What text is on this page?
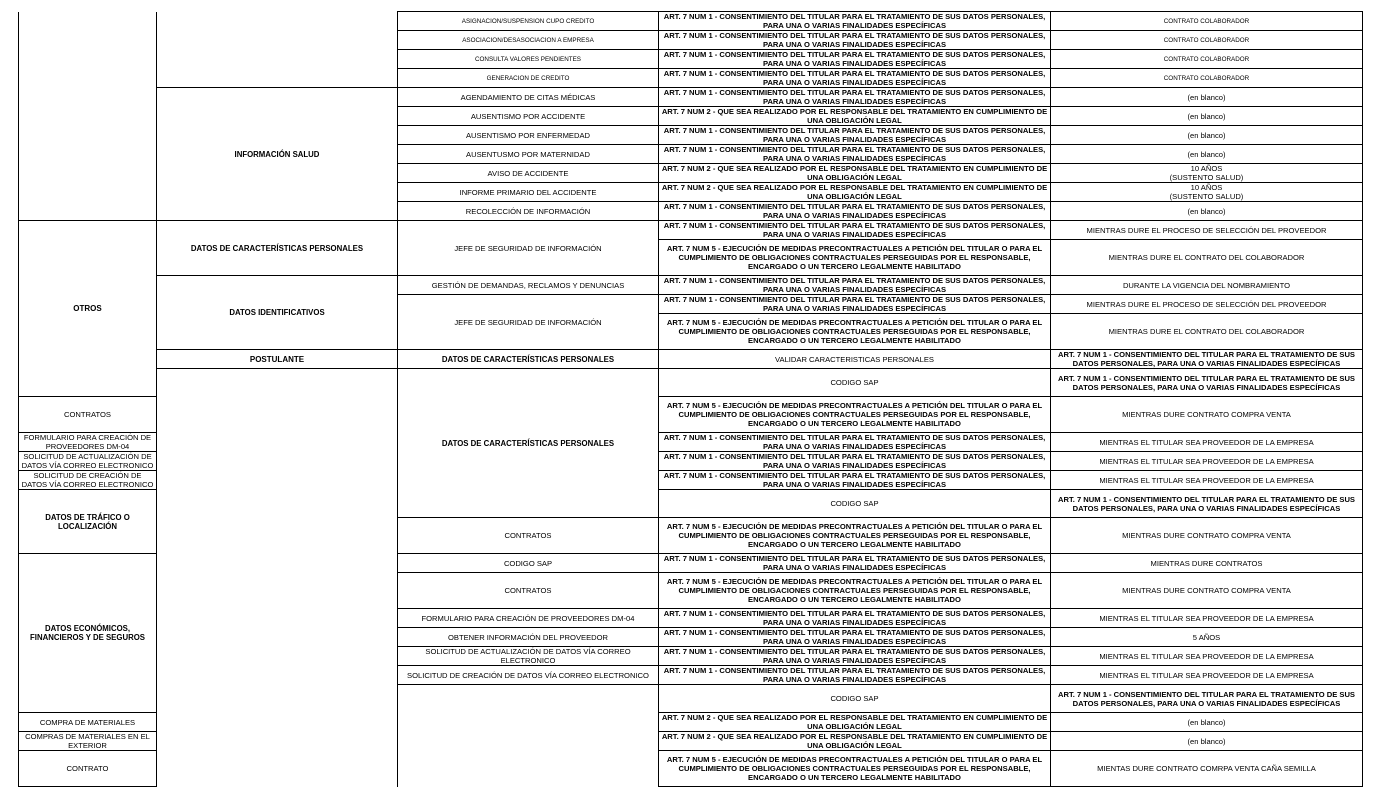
		ASIGNACION/SUSPENSION CUPO CREDITO	ART. 7 NUM 1 - CONSENTIMIENTO DEL TITULAR PARA EL TRATAMIENTO DE SUS DATOS PERSONALES, PARA UNA O VARIAS FINALIDADES ESPECÍFICAS	CONTRATO COLABORADOR	
		ASOCIACION/DESASOCIACION A EMPRESA	ART. 7 NUM 1 - CONSENTIMIENTO DEL TITULAR PARA EL TRATAMIENTO DE SUS DATOS PERSONALES, PARA UNA O VARIAS FINALIDADES ESPECÍFICAS	CONTRATO COLABORADOR	
		CONSULTA VALORES PENDIENTES	ART. 7 NUM 1 - CONSENTIMIENTO DEL TITULAR PARA EL TRATAMIENTO DE SUS DATOS PERSONALES, PARA UNA O VARIAS FINALIDADES ESPECÍFICAS	CONTRATO COLABORADOR	
		GENERACION DE CREDITO	ART. 7 NUM 1 - CONSENTIMIENTO DEL TITULAR PARA EL TRATAMIENTO DE SUS DATOS PERSONALES, PARA UNA O VARIAS FINALIDADES ESPECÍFICAS	CONTRATO COLABORADOR	
	INFORMACIÓN SALUD	AGENDAMIENTO DE CITAS MÉDICAS	ART. 7 NUM 1 - CONSENTIMIENTO DEL TITULAR PARA EL TRATAMIENTO DE SUS DATOS PERSONALES, PARA UNA O VARIAS FINALIDADES ESPECÍFICAS	(en blanco)	
		AUSENTISMO POR ACCIDENTE	ART. 7 NUM 2 - QUE SEA REALIZADO POR EL RESPONSABLE DEL TRATAMIENTO EN CUMPLIMIENTO DE UNA OBLIGACIÓN LEGAL	(en blanco)	
		AUSENTISMO POR ENFERMEDAD	ART. 7 NUM 1 - CONSENTIMIENTO DEL TITULAR PARA EL TRATAMIENTO DE SUS DATOS PERSONALES, PARA UNA O VARIAS FINALIDADES ESPECÍFICAS	(en blanco)	
		AUSENTUSMO POR MATERNIDAD	ART. 7 NUM 1 - CONSENTIMIENTO DEL TITULAR PARA EL TRATAMIENTO DE SUS DATOS PERSONALES, PARA UNA O VARIAS FINALIDADES ESPECÍFICAS	(en blanco)	
		AVISO DE ACCIDENTE	ART. 7 NUM 2 - QUE SEA REALIZADO POR EL RESPONSABLE DEL TRATAMIENTO EN CUMPLIMIENTO DE UNA OBLIGACIÓN LEGAL	10 AÑOS
(SUSTENTO SALUD)	
		INFORME PRIMARIO DEL ACCIDENTE	ART. 7 NUM 2 - QUE SEA REALIZADO POR EL RESPONSABLE DEL TRATAMIENTO EN CUMPLIMIENTO DE UNA OBLIGACIÓN LEGAL	10 AÑOS
(SUSTENTO SALUD)	
		RECOLECCIÓN DE INFORMACIÓN	ART. 7 NUM 1 - CONSENTIMIENTO DEL TITULAR PARA EL TRATAMIENTO DE SUS DATOS PERSONALES, PARA UNA O VARIAS FINALIDADES ESPECÍFICAS	(en blanco)	
OTROS	DATOS DE CARACTERÍSTICAS PERSONALES	JEFE DE SEGURIDAD DE INFORMACIÓN	ART. 7 NUM 1 - CONSENTIMIENTO DEL TITULAR PARA EL TRATAMIENTO DE SUS DATOS PERSONALES, PARA UNA O VARIAS FINALIDADES ESPECÍFICAS	MIENTRAS DURE EL PROCESO DE SELECCIÓN DEL PROVEEDOR	
			ART. 7 NUM 5 - EJECUCIÓN DE MEDIDAS PRECONTRACTUALES A PETICIÓN DEL TITULAR O PARA EL CUMPLIMIENTO DE OBLIGACIONES CONTRACTUALES PERSEGUIDAS POR EL RESPONSABLE, ENCARGADO O UN TERCERO LEGALMENTE HABILITADO	MIENTRAS DURE EL CONTRATO DEL COLABORADOR	
	DATOS IDENTIFICATIVOS	GESTIÓN DE DEMANDAS, RECLAMOS Y DENUNCIAS	ART. 7 NUM 1 - CONSENTIMIENTO DEL TITULAR PARA EL TRATAMIENTO DE SUS DATOS PERSONALES, PARA UNA O VARIAS FINALIDADES ESPECÍFICAS	DURANTE LA VIGENCIA DEL NOMBRAMIENTO	
		JEFE DE SEGURIDAD DE INFORMACIÓN	ART. 7 NUM 1 - CONSENTIMIENTO DEL TITULAR PARA EL TRATAMIENTO DE SUS DATOS PERSONALES, PARA UNA O VARIAS FINALIDADES ESPECÍFICAS	MIENTRAS DURE EL PROCESO DE SELECCIÓN DEL PROVEEDOR	
			ART. 7 NUM 5 - EJECUCIÓN DE MEDIDAS PRECONTRACTUALES A PETICIÓN DEL TITULAR O PARA EL CUMPLIMIENTO DE OBLIGACIONES CONTRACTUALES PERSEGUIDAS POR EL RESPONSABLE, ENCARGADO O UN TERCERO LEGALMENTE HABILITADO	MIENTRAS DURE EL CONTRATO DEL COLABORADOR	
	POSTULANTE	DATOS DE CARACTERÍSTICAS PERSONALES	VALIDAR CARACTERISTICAS PERSONALES	ART. 7 NUM 1 - CONSENTIMIENTO DEL TITULAR PARA EL TRATAMIENTO DE SUS DATOS PERSONALES, PARA UNA O VARIAS FINALIDADES ESPECÍFICAS	
		DATOS DE CARACTERÍSTICAS PERSONALES	CODIGO SAP	ART. 7 NUM 1 - CONSENTIMIENTO DEL TITULAR PARA EL TRATAMIENTO DE SUS DATOS PERSONALES, PARA UNA O VARIAS FINALIDADES ESPECÍFICAS	
CONTRATOS			ART. 7 NUM 5 - EJECUCIÓN DE MEDIDAS PRECONTRACTUALES A PETICIÓN DEL TITULAR O PARA EL CUMPLIMIENTO DE OBLIGACIONES CONTRACTUALES PERSEGUIDAS POR EL RESPONSABLE, ENCARGADO O UN TERCERO LEGALMENTE HABILITADO	MIENTRAS DURE CONTRATO COMPRA VENTA	
FORMULARIO PARA CREACIÓN DE PROVEEDORES DM-04			ART. 7 NUM 1 - CONSENTIMIENTO DEL TITULAR PARA EL TRATAMIENTO DE SUS DATOS PERSONALES, PARA UNA O VARIAS FINALIDADES ESPECÍFICAS	MIENTRAS EL TITULAR SEA PROVEEDOR DE LA EMPRESA	
SOLICITUD DE ACTUALIZACIÓN DE DATOS VÍA CORREO ELECTRONICO			ART. 7 NUM 1 - CONSENTIMIENTO DEL TITULAR PARA EL TRATAMIENTO DE SUS DATOS PERSONALES, PARA UNA O VARIAS FINALIDADES ESPECÍFICAS	MIENTRAS EL TITULAR SEA PROVEEDOR DE LA EMPRESA	
SOLICITUD DE CREACIÓN DE DATOS VÍA CORREO ELECTRONICO			ART. 7 NUM 1 - CONSENTIMIENTO DEL TITULAR PARA EL TRATAMIENTO DE SUS DATOS PERSONALES, PARA UNA O VARIAS FINALIDADES ESPECÍFICAS	MIENTRAS EL TITULAR SEA PROVEEDOR DE LA EMPRESA	
DATOS DE TRÁFICO O LOCALIZACIÓN			CODIGO SAP	ART. 7 NUM 1 - CONSENTIMIENTO DEL TITULAR PARA EL TRATAMIENTO DE SUS DATOS PERSONALES, PARA UNA O VARIAS FINALIDADES ESPECÍFICAS	
		CONTRATOS	ART. 7 NUM 5 - EJECUCIÓN DE MEDIDAS PRECONTRACTUALES A PETICIÓN DEL TITULAR O PARA EL CUMPLIMIENTO DE OBLIGACIONES CONTRACTUALES PERSEGUIDAS POR EL RESPONSABLE, ENCARGADO O UN TERCERO LEGALMENTE HABILITADO	MIENTRAS DURE CONTRATO COMPRA VENTA	
DATOS ECONÓMICOS, FINANCIEROS Y DE SEGUROS		CODIGO SAP	ART. 7 NUM 1 - CONSENTIMIENTO DEL TITULAR PARA EL TRATAMIENTO DE SUS DATOS PERSONALES, PARA UNA O VARIAS FINALIDADES ESPECÍFICAS	MIENTRAS DURE CONTRATOS	
		CONTRATOS	ART. 7 NUM 5 - EJECUCIÓN DE MEDIDAS PRECONTRACTUALES A PETICIÓN DEL TITULAR O PARA EL CUMPLIMIENTO DE OBLIGACIONES CONTRACTUALES PERSEGUIDAS POR EL RESPONSABLE, ENCARGADO O UN TERCERO LEGALMENTE HABILITADO	MIENTRAS DURE CONTRATO COMPRA VENTA	
		FORMULARIO PARA CREACIÓN DE PROVEEDORES DM-04	ART. 7 NUM 1 - CONSENTIMIENTO DEL TITULAR PARA EL TRATAMIENTO DE SUS DATOS PERSONALES, PARA UNA O VARIAS FINALIDADES ESPECÍFICAS	MIENTRAS EL TITULAR SEA PROVEEDOR DE LA EMPRESA	
		OBTENER INFORMACIÓN DEL PROVEEDOR	ART. 7 NUM 1 - CONSENTIMIENTO DEL TITULAR PARA EL TRATAMIENTO DE SUS DATOS PERSONALES, PARA UNA O VARIAS FINALIDADES ESPECÍFICAS	5 AÑOS	
		SOLICITUD DE ACTUALIZACIÓN DE DATOS VÍA CORREO ELECTRONICO	ART. 7 NUM 1 - CONSENTIMIENTO DEL TITULAR PARA EL TRATAMIENTO DE SUS DATOS PERSONALES, PARA UNA O VARIAS FINALIDADES ESPECÍFICAS	MIENTRAS EL TITULAR SEA PROVEEDOR DE LA EMPRESA	
		SOLICITUD DE CREACIÓN DE DATOS VÍA CORREO ELECTRONICO	ART. 7 NUM 1 - CONSENTIMIENTO DEL TITULAR PARA EL TRATAMIENTO DE SUS DATOS PERSONALES, PARA UNA O VARIAS FINALIDADES ESPECÍFICAS	MIENTRAS EL TITULAR SEA PROVEEDOR DE LA EMPRESA	
			CODIGO SAP	ART. 7 NUM 1 - CONSENTIMIENTO DEL TITULAR PARA EL TRATAMIENTO DE SUS DATOS PERSONALES, PARA UNA O VARIAS FINALIDADES ESPECÍFICAS	
COMPRA DE MATERIALES			ART. 7 NUM 2 - QUE SEA REALIZADO POR EL RESPONSABLE DEL TRATAMIENTO EN CUMPLIMIENTO DE UNA OBLIGACIÓN LEGAL	(en blanco)	
COMPRAS DE MATERIALES EN EL EXTERIOR			ART. 7 NUM 2 - QUE SEA REALIZADO POR EL RESPONSABLE DEL TRATAMIENTO EN CUMPLIMIENTO DE UNA OBLIGACIÓN LEGAL	(en blanco)	
CONTRATO			ART. 7 NUM 5 - EJECUCIÓN DE MEDIDAS PRECONTRACTUALES A PETICIÓN DEL TITULAR O PARA EL CUMPLIMIENTO DE OBLIGACIONES CONTRACTUALES PERSEGUIDAS POR EL RESPONSABLE, ENCARGADO O UN TERCERO LEGALMENTE HABILITADO	MIENTAS DURE CONTRATO COMRPA VENTA CAÑA SEMILLA	
